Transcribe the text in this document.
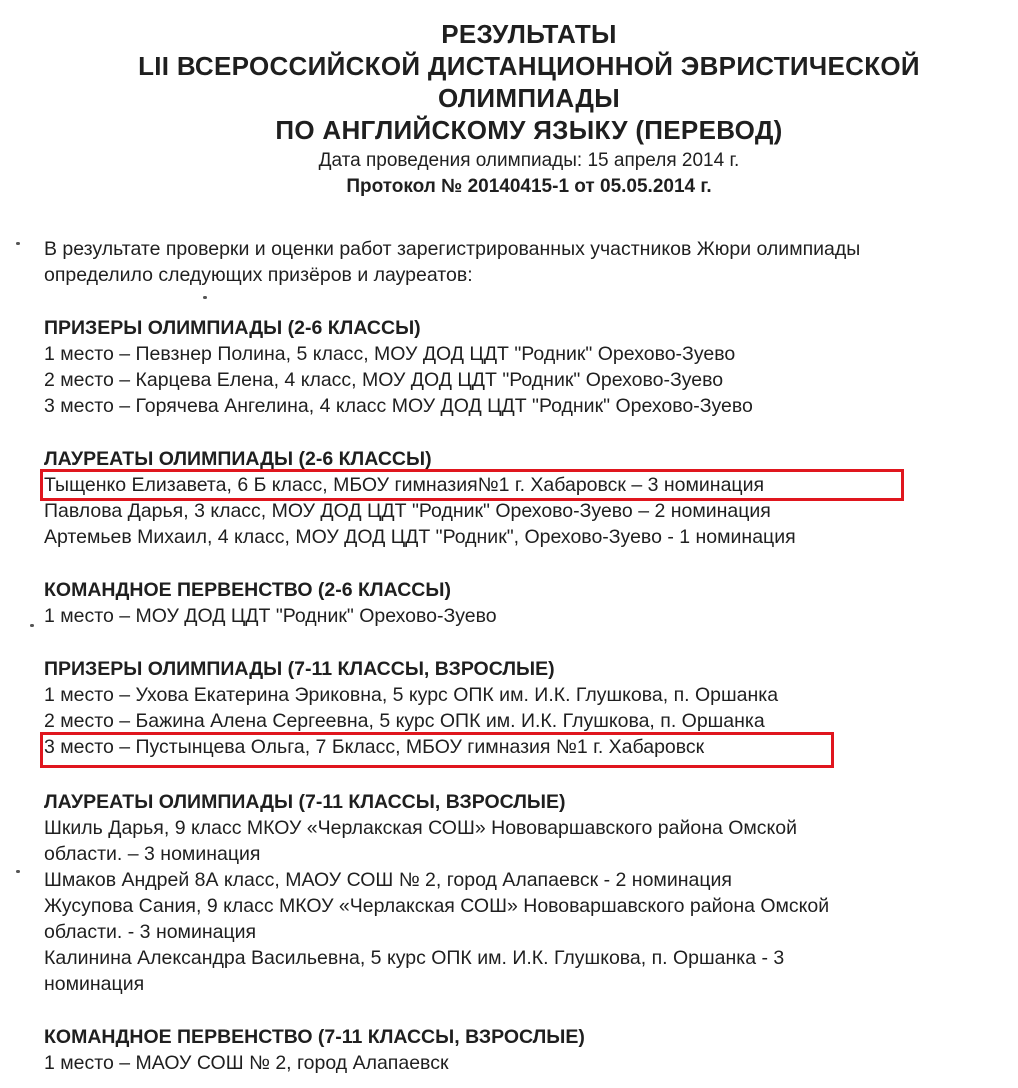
РЕЗУЛЬТАТЫ
LII ВСЕРОССИЙСКОЙ ДИСТАНЦИОННОЙ ЭВРИСТИЧЕСКОЙ
ОЛИМПИАДЫ
ПО АНГЛИЙСКОМУ ЯЗЫКУ (ПЕРЕВОД)
Дата проведения олимпиады: 15 апреля 2014 г.
Протокол № 20140415-1 от 05.05.2014 г.
В результате проверки и оценки работ зарегистрированных участников Жюри олимпиады
определило следующих призёров и лауреатов:
ПРИЗЕРЫ ОЛИМПИАДЫ (2-6 КЛАССЫ)
1 место – Певзнер Полина, 5 класс, МОУ ДОД ЦДТ "Родник" Орехово-Зуево
2 место – Карцева Елена, 4 класс, МОУ ДОД ЦДТ "Родник" Орехово-Зуево
3 место – Горячева Ангелина, 4 класс МОУ ДОД ЦДТ "Родник" Орехово-Зуево
ЛАУРЕАТЫ ОЛИМПИАДЫ (2-6 КЛАССЫ)
Тыщенко Елизавета, 6 Б класс, МБОУ гимназия№1 г. Хабаровск – 3 номинация
Павлова Дарья, 3 класс, МОУ ДОД ЦДТ "Родник" Орехово-Зуево – 2 номинация
Артемьев Михаил, 4 класс, МОУ ДОД ЦДТ "Родник", Орехово-Зуево - 1 номинация
КОМАНДНОЕ ПЕРВЕНСТВО (2-6 КЛАССЫ)
1 место – МОУ ДОД ЦДТ "Родник" Орехово-Зуево
ПРИЗЕРЫ ОЛИМПИАДЫ (7-11 КЛАССЫ, ВЗРОСЛЫЕ)
1 место – Ухова Екатерина Эриковна, 5 курс ОПК им. И.К. Глушкова, п. Оршанка
2 место – Бажина Алена Сергеевна, 5 курс ОПК им. И.К. Глушкова, п. Оршанка
3 место – Пустынцева Ольга, 7 Бкласс, МБОУ гимназия №1 г. Хабаровск
ЛАУРЕАТЫ ОЛИМПИАДЫ (7-11 КЛАССЫ, ВЗРОСЛЫЕ)
Шкиль Дарья, 9 класс МКОУ «Черлакская СОШ» Нововаршавского района Омской
области. – 3 номинация
Шмаков Андрей 8А класс, МАОУ СОШ № 2, город Алапаевск - 2 номинация
Жусупова Сания, 9 класс МКОУ «Черлакская СОШ» Нововаршавского района Омской
области. - 3 номинация
Калинина Александра Васильевна, 5 курс ОПК им. И.К. Глушкова, п. Оршанка - 3
номинация
КОМАНДНОЕ ПЕРВЕНСТВО (7-11 КЛАССЫ, ВЗРОСЛЫЕ)
1 место – МАОУ СОШ № 2, город Алапаевск
